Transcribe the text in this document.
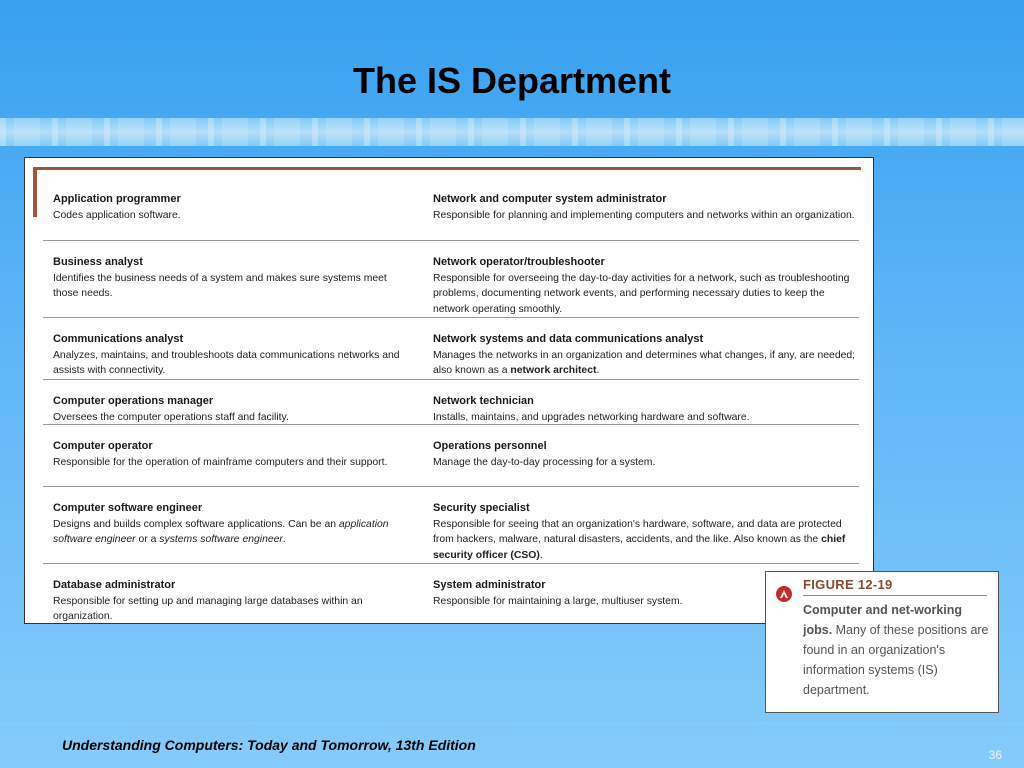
The IS Department
Application programmer
Codes application software.
Network and computer system administrator
Responsible for planning and implementing computers and networks within an organization.
Business analyst
Identifies the business needs of a system and makes sure systems meet those needs.
Network operator/troubleshooter
Responsible for overseeing the day-to-day activities for a network, such as troubleshooting problems, documenting network events, and performing necessary duties to keep the network operating smoothly.
Communications analyst
Analyzes, maintains, and troubleshoots data communications networks and assists with connectivity.
Network systems and data communications analyst
Manages the networks in an organization and determines what changes, if any, are needed; also known as a network architect.
Computer operations manager
Oversees the computer operations staff and facility.
Network technician
Installs, maintains, and upgrades networking hardware and software.
Computer operator
Responsible for the operation of mainframe computers and their support.
Operations personnel
Manage the day-to-day processing for a system.
Computer software engineer
Designs and builds complex software applications. Can be an application software engineer or a systems software engineer.
Security specialist
Responsible for seeing that an organization's hardware, software, and data are protected from hackers, malware, natural disasters, accidents, and the like. Also known as the chief security officer (CSO).
Database administrator
Responsible for setting up and managing large databases within an organization.
System administrator
Responsible for maintaining a large, multiuser system.
FIGURE 12-19
Computer and net-working jobs. Many of these positions are found in an organization's information systems (IS) department.
Understanding Computers: Today and Tomorrow, 13th Edition
36
